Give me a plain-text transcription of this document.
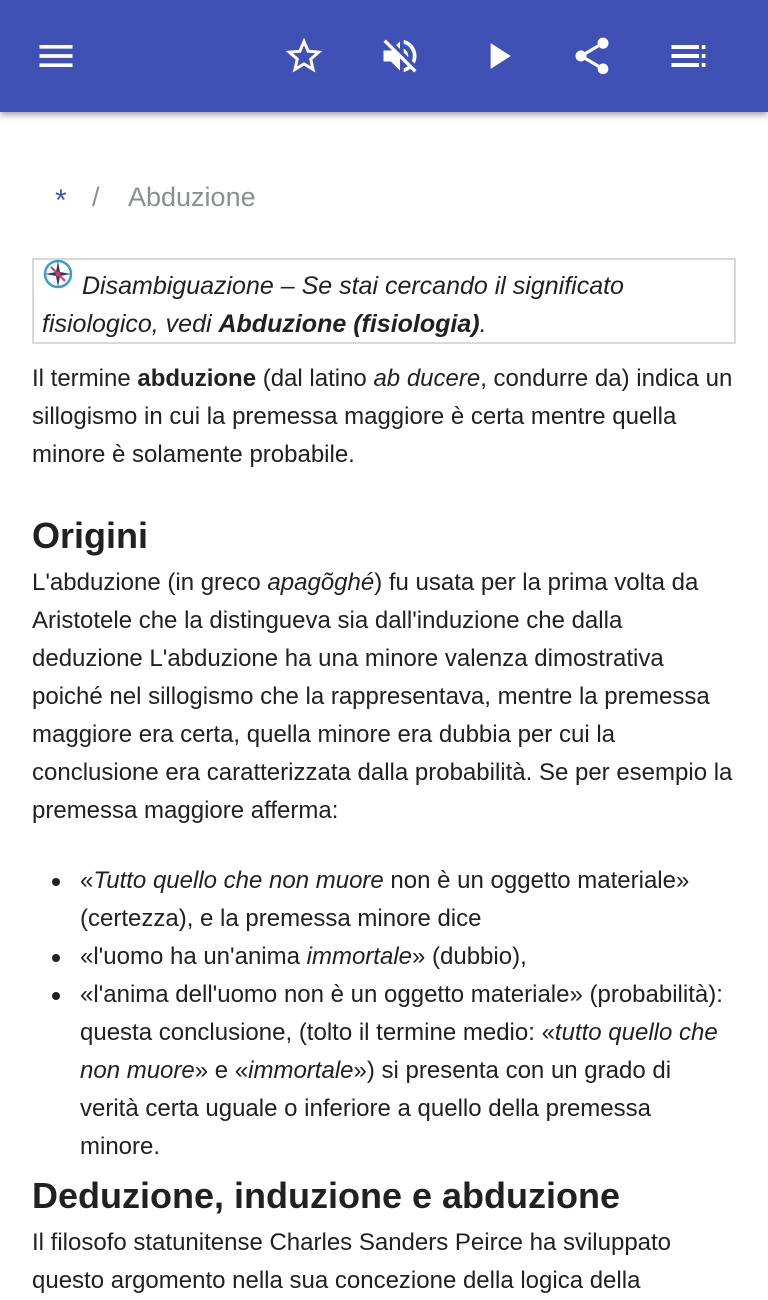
* / Abduzione
Disambiguazione – Se stai cercando il significato fisiologico, vedi Abduzione (fisiologia).

Il termine abduzione (dal latino ab ducere, condurre da) indica un sillogismo in cui la premessa maggiore è certa mentre quella minore è solamente probabile.

Origini

L'abduzione (in greco apagõghé) fu usata per la prima volta da Aristotele che la distingueva sia dall'induzione che dalla deduzione L'abduzione ha una minore valenza dimostrativa poiché nel sillogismo che la rappresentava, mentre la premessa maggiore era certa, quella minore era dubbia per cui la conclusione era caratterizzata dalla probabilità. Se per esempio la premessa maggiore afferma:

«Tutto quello che non muore non è un oggetto materiale» (certezza), e la premessa minore dice
«l'uomo ha un'anima immortale» (dubbio),
«l'anima dell'uomo non è un oggetto materiale» (probabilità): questa conclusione, (tolto il termine medio: «tutto quello che non muore» e «immortale») si presenta con un grado di verità certa uguale o inferiore a quello della premessa minore.
Deduzione, induzione e abduzione

Il filosofo statunitense Charles Sanders Peirce ha sviluppato questo argomento nella sua concezione della logica della
